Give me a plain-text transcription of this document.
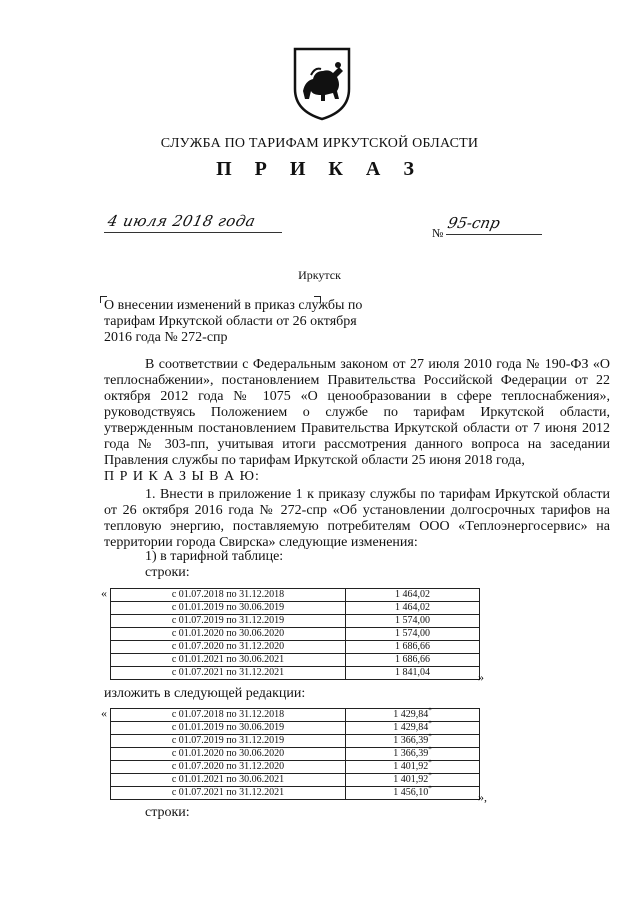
СЛУЖБА ПО ТАРИФАМ ИРКУТСКОЙ ОБЛАСТИ
П Р И К А З
4 июля 2018 года
№
95-спр
Иркутск
О внесении изменений в приказ службы по тарифам Иркутской области от 26 октября 2016 года № 272-спр
В соответствии с Федеральным законом от 27 июля 2010 года № 190-ФЗ «О теплоснабжении», постановлением Правительства Российской Федерации от 22 октября 2012 года № 1075 «О ценообразовании в сфере теплоснабжения», руководствуясь Положением о службе по тарифам Иркутской области, утвержденным постановлением Правительства Иркутской области от 7 июня 2012 года № 303-пп, учитывая итоги рассмотрения данного вопроса на заседании Правления службы по тарифам Иркутской области 25 июня 2018 года,
П Р И К А З Ы В А Ю:
1. Внести в приложение 1 к приказу службы по тарифам Иркутской области от 26 октября 2016 года № 272-спр «Об установлении долгосрочных тарифов на тепловую энергию, поставляемую потребителям ООО «Теплоэнергосервис» на территории города Свирска» следующие изменения:
1) в тарифной таблице:
строки:
«	с 01.07.2018 по 31.12.2018	1 464,02
с 01.01.2019 по 30.06.2019	1 464,02
с 01.07.2019 по 31.12.2019	1 574,00
с 01.01.2020 по 30.06.2020	1 574,00
с 01.07.2020 по 31.12.2020	1 686,66
с 01.01.2021 по 30.06.2021	1 686,66
с 01.07.2021 по 31.12.2021	1 841,04	»
изложить в следующей редакции:
«	с 01.07.2018 по 31.12.2018	1 429,84*
с 01.01.2019 по 30.06.2019	1 429,84*
с 01.07.2019 по 31.12.2019	1 366,39*
с 01.01.2020 по 30.06.2020	1 366,39*
с 01.07.2020 по 31.12.2020	1 401,92*
с 01.01.2021 по 30.06.2021	1 401,92*
с 01.07.2021 по 31.12.2021	1 456,10*
»,
строки:
